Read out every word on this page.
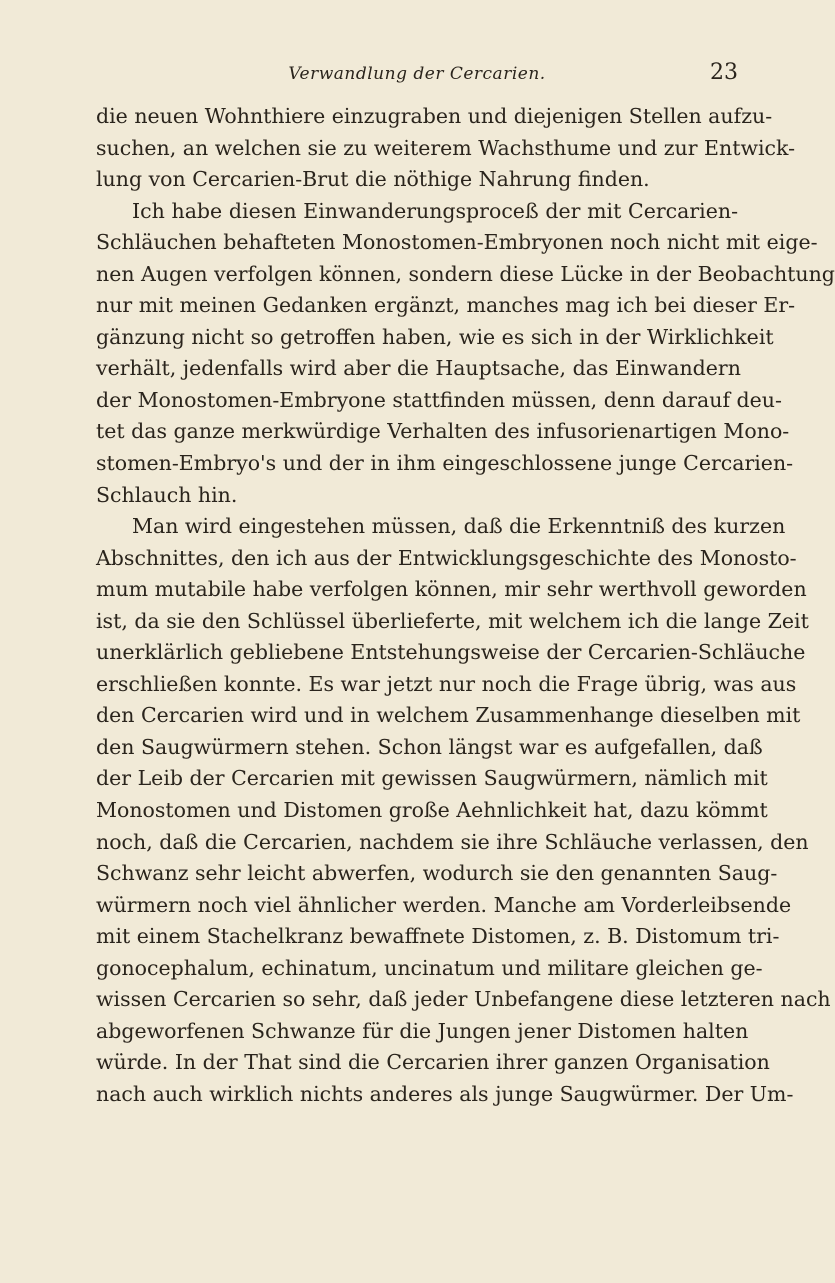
Verwandlung der Cercarien.	23
die neuen Wohnthiere einzugraben und diejenigen Stellen aufzu-
suchen, an welchen sie zu weiterem Wachsthume und zur Entwick-
lung von Cercarien-Brut die nöthige Nahrung finden.
Ich habe diesen Einwanderungsproceß der mit Cercarien-
Schläuchen behafteten Monostomen-Embryonen noch nicht mit eige-
nen Augen verfolgen können, sondern diese Lücke in der Beobachtung
nur mit meinen Gedanken ergänzt, manches mag ich bei dieser Er-
gänzung nicht so getroffen haben, wie es sich in der Wirklichkeit
verhält, jedenfalls wird aber die Hauptsache, das Einwandern
der Monostomen-Embryone stattfinden müssen, denn darauf deu-
tet das ganze merkwürdige Verhalten des infusorienartigen Mono-
stomen-Embryo's und der in ihm eingeschlossene junge Cercarien-
Schlauch hin.
Man wird eingestehen müssen, daß die Erkenntniß des kurzen
Abschnittes, den ich aus der Entwicklungsgeschichte des Monosto-
mum mutabile habe verfolgen können, mir sehr werthvoll geworden
ist, da sie den Schlüssel überlieferte, mit welchem ich die lange Zeit
unerklärlich gebliebene Entstehungsweise der Cercarien-Schläuche
erschließen konnte. Es war jetzt nur noch die Frage übrig, was aus
den Cercarien wird und in welchem Zusammenhange dieselben mit
den Saugwürmern stehen. Schon längst war es aufgefallen, daß
der Leib der Cercarien mit gewissen Saugwürmern, nämlich mit
Monostomen und Distomen große Aehnlichkeit hat, dazu kömmt
noch, daß die Cercarien, nachdem sie ihre Schläuche verlassen, den
Schwanz sehr leicht abwerfen, wodurch sie den genannten Saug-
würmern noch viel ähnlicher werden. Manche am Vorderleibsende
mit einem Stachelkranz bewaffnete Distomen, z. B. Distomum tri-
gonocephalum, echinatum, uncinatum und militare gleichen ge-
wissen Cercarien so sehr, daß jeder Unbefangene diese letzteren nach
abgeworfenen Schwanze für die Jungen jener Distomen halten
würde. In der That sind die Cercarien ihrer ganzen Organisation
nach auch wirklich nichts anderes als junge Saugwürmer. Der Um-
